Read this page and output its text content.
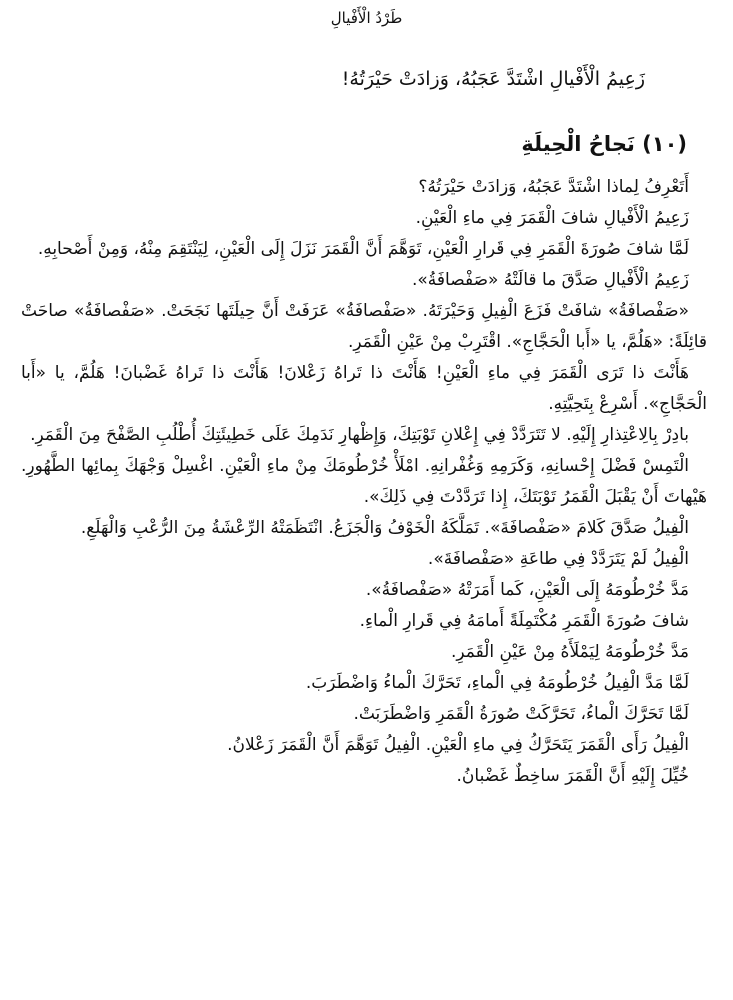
طَرْدُ الْأَفْيالِ
زَعِيمُ الْأَفْيالِ اشْتَدَّ عَجَبُهُ، وَزادَتْ حَيْرَتُهُ!
(١٠) نَجاحُ الْحِيلَةِ

أَتَعْرِفُ لِماذا اشْتَدَّ عَجَبُهُ، وَزادَتْ حَيْرَتُهُ؟

زَعِيمُ الْأَفْيالِ شافَ الْقَمَرَ فِي ماءِ الْعَيْنِ.

لَمَّا شافَ صُورَةَ الْقَمَرِ فِي قَرارِ الْعَيْنِ، تَوَهَّمَ أَنَّ الْقَمَرَ نَزَلَ إِلَى الْعَيْنِ، لِيَنْتَقِمَ مِنْهُ، وَمِنْ أَصْحابِهِ.

زَعِيمُ الْأَفْيالِ صَدَّقَ ما قالَتْهُ «صَفْصافَةُ».

«صَفْصافَةُ» شافَتْ فَزَعَ الْفِيلِ وَحَيْرَتَهُ. «صَفْصافَةُ» عَرَفَتْ أَنَّ حِيلَتَها نَجَحَتْ. «صَفْصافَةُ» صاحَتْ قائِلَةً: «هَلُمَّ، يا «أَبا الْحَجَّاجِ». اقْتَرِبْ مِنْ عَيْنِ الْقَمَرِ.

هَأَنْتَ ذا تَرَى الْقَمَرَ فِي ماءِ الْعَيْنِ! هَأَنْتَ ذا تَراهُ زَعْلانَ! هَأَنْتَ ذا تَراهُ غَضْبانَ! هَلُمَّ، يا «أَبا الْحَجَّاجِ». أَسْرِعْ بِتَحِيَّتِهِ.

بادِرْ بِالِاعْتِذارِ إِلَيْهِ. لا تَتَرَدَّدْ فِي إِعْلانِ تَوْبَتِكَ، وَإِظْهارِ نَدَمِكَ عَلَى خَطِيئَتِكَ أُطْلُبِ الصَّفْحَ مِنَ الْقَمَرِ.

الْتَمِسْ فَضْلَ إِحْسانِهِ، وَكَرَمِهِ وَغُفْرانِهِ. امْلَأْ خُرْطُومَكَ مِنْ ماءِ الْعَيْنِ. اغْسِلْ وَجْهَكَ بِمائِها الطَّهُورِ. هَيْهاتَ أَنْ يَقْبَلَ الْقَمَرُ تَوْبَتَكَ، إِذا تَرَدَّدْتَ فِي ذَلِكَ».

الْفِيلُ صَدَّقَ كَلامَ «صَفْصافَةَ». تَمَلَّكَهُ الْخَوْفُ وَالْجَزَعُ. انْتَظَمَتْهُ الرِّعْشَةُ مِنَ الرُّعْبِ وَالْهَلَعِ.

الْفِيلُ لَمْ يَتَرَدَّدْ فِي طاعَةِ «صَفْصافَةَ».

مَدَّ خُرْطُومَهُ إِلَى الْعَيْنِ، كَما أَمَرَتْهُ «صَفْصافَةُ».

شافَ صُورَةَ الْقَمَرِ مُكْتَمِلَةً أَمامَهُ فِي قَرارِ الْماءِ.

مَدَّ خُرْطُومَهُ لِيَمْلَأَهُ مِنْ عَيْنِ الْقَمَرِ.

لَمَّا مَدَّ الْفِيلُ خُرْطُومَهُ فِي الْماءِ، تَحَرَّكَ الْماءُ وَاضْطَرَبَ.

لَمَّا تَحَرَّكَ الْماءُ، تَحَرَّكَتْ صُورَةُ الْقَمَرِ وَاضْطَرَبَتْ.

الْفِيلُ رَأَى الْقَمَرَ يَتَحَرَّكُ فِي ماءِ الْعَيْنِ. الْفِيلُ تَوَهَّمَ أَنَّ الْقَمَرَ زَعْلانُ.

خُيِّلَ إِلَيْهِ أَنَّ الْقَمَرَ ساخِطٌ غَضْبانُ.
